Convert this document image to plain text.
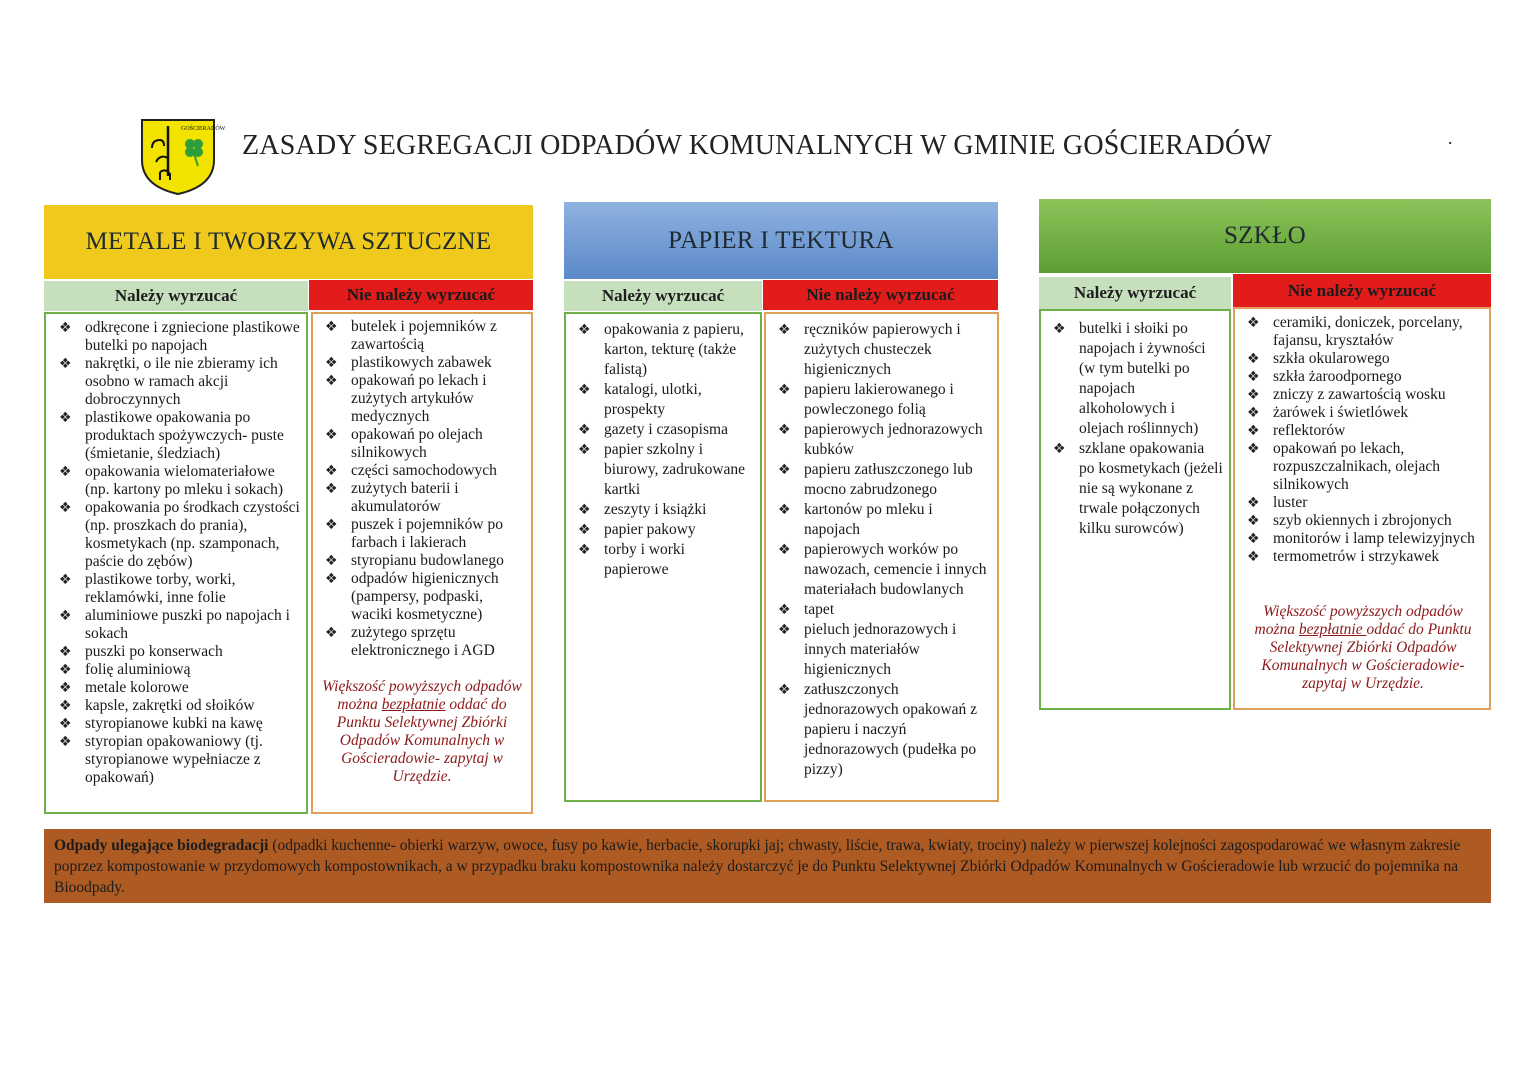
GOŚCIERADÓW
ZASADY SEGREGACJI ODPADÓW KOMUNALNYCH W GMINIE GOŚCIERADÓW	.
METALE I TWORZYWA SZTUCZNE
Należy wyrzucać	Nie należy wyrzucać
❖ odkręcone i zgniecione plastikowe butelki po napojach
❖ nakrętki, o ile nie zbieramy ich osobno w ramach akcji dobroczynnych
❖ plastikowe opakowania po produktach spożywczych- puste (śmietanie, śledziach)
❖ opakowania wielomateriałowe (np. kartony po mleku i sokach)
❖ opakowania po środkach czystości (np. proszkach do prania), kosmetykach (np. szamponach, paście do zębów)
❖ plastikowe torby, worki, reklamówki, inne folie
❖ aluminiowe puszki po napojach i sokach
❖ puszki po konserwach
❖ folię aluminiową
❖ metale kolorowe
❖ kapsle, zakrętki od słoików
❖ styropianowe kubki na kawę
❖ styropian opakowaniowy (tj. styropianowe wypełniacze z opakowań)
❖ butelek i pojemników z zawartością
❖ plastikowych zabawek
❖ opakowań po lekach i zużytych artykułów medycznych
❖ opakowań po olejach silnikowych
❖ części samochodowych
❖ zużytych baterii i akumulatorów
❖ puszek i pojemników po farbach i lakierach
❖ styropianu budowlanego
❖ odpadów higienicznych (pampersy, podpaski, waciki kosmetyczne)
❖ zużytego sprzętu elektronicznego i AGD
Większość powyższych odpadów można bezpłatnie oddać do Punktu Selektywnej Zbiórki Odpadów Komunalnych w Gościeradowie- zapytaj w Urzędzie.
PAPIER I TEKTURA
Należy wyrzucać	Nie należy wyrzucać
❖ opakowania z papieru, karton, tekturę (także falistą)
❖ katalogi, ulotki, prospekty
❖ gazety i czasopisma
❖ papier szkolny i biurowy, zadrukowane kartki
❖ zeszyty i książki
❖ papier pakowy
❖ torby i worki papierowe
❖ ręczników papierowych i zużytych chusteczek higienicznych
❖ papieru lakierowanego i powleczonego folią
❖ papierowych jednorazowych kubków
❖ papieru zatłuszczonego lub mocno zabrudzonego
❖ kartonów po mleku i napojach
❖ papierowych worków po nawozach, cemencie i innych materiałach budowlanych
❖ tapet
❖ pieluch jednorazowych i innych materiałów higienicznych
❖ zatłuszczonych jednorazowych opakowań z papieru i naczyń jednorazowych (pudełka po pizzy)
SZKŁO
Należy wyrzucać	Nie należy wyrzucać
❖ butelki i słoiki po napojach i żywności (w tym butelki po napojach alkoholowych i olejach roślinnych)
❖ szklane opakowania po kosmetykach (jeżeli nie są wykonane z trwale połączonych kilku surowców)
❖ ceramiki, doniczek, porcelany, fajansu, kryształów
❖ szkła okularowego
❖ szkła żaroodpornego
❖ zniczy z zawartością wosku
❖ żarówek i świetlówek
❖ reflektorów
❖ opakowań po lekach, rozpuszczalnikach, olejach silnikowych
❖ luster
❖ szyb okiennych i zbrojonych
❖ monitorów i lamp telewizyjnych
❖ termometrów i strzykawek
Większość powyższych odpadów można bezpłatnie oddać do Punktu Selektywnej Zbiórki Odpadów Komunalnych w Gościeradowie- zapytaj w Urzędzie.
Odpady ulegające biodegradacji (odpadki kuchenne- obierki warzyw, owoce, fusy po kawie, herbacie, skorupki jaj; chwasty, liście, trawa, kwiaty, trociny) należy w pierwszej kolejności zagospodarować we własnym zakresie poprzez kompostowanie w przydomowych kompostownikach, a w przypadku braku kompostownika należy dostarczyć je do Punktu Selektywnej Zbiórki Odpadów Komunalnych w Gościeradowie lub wrzucić do pojemnika na Bioodpady.
